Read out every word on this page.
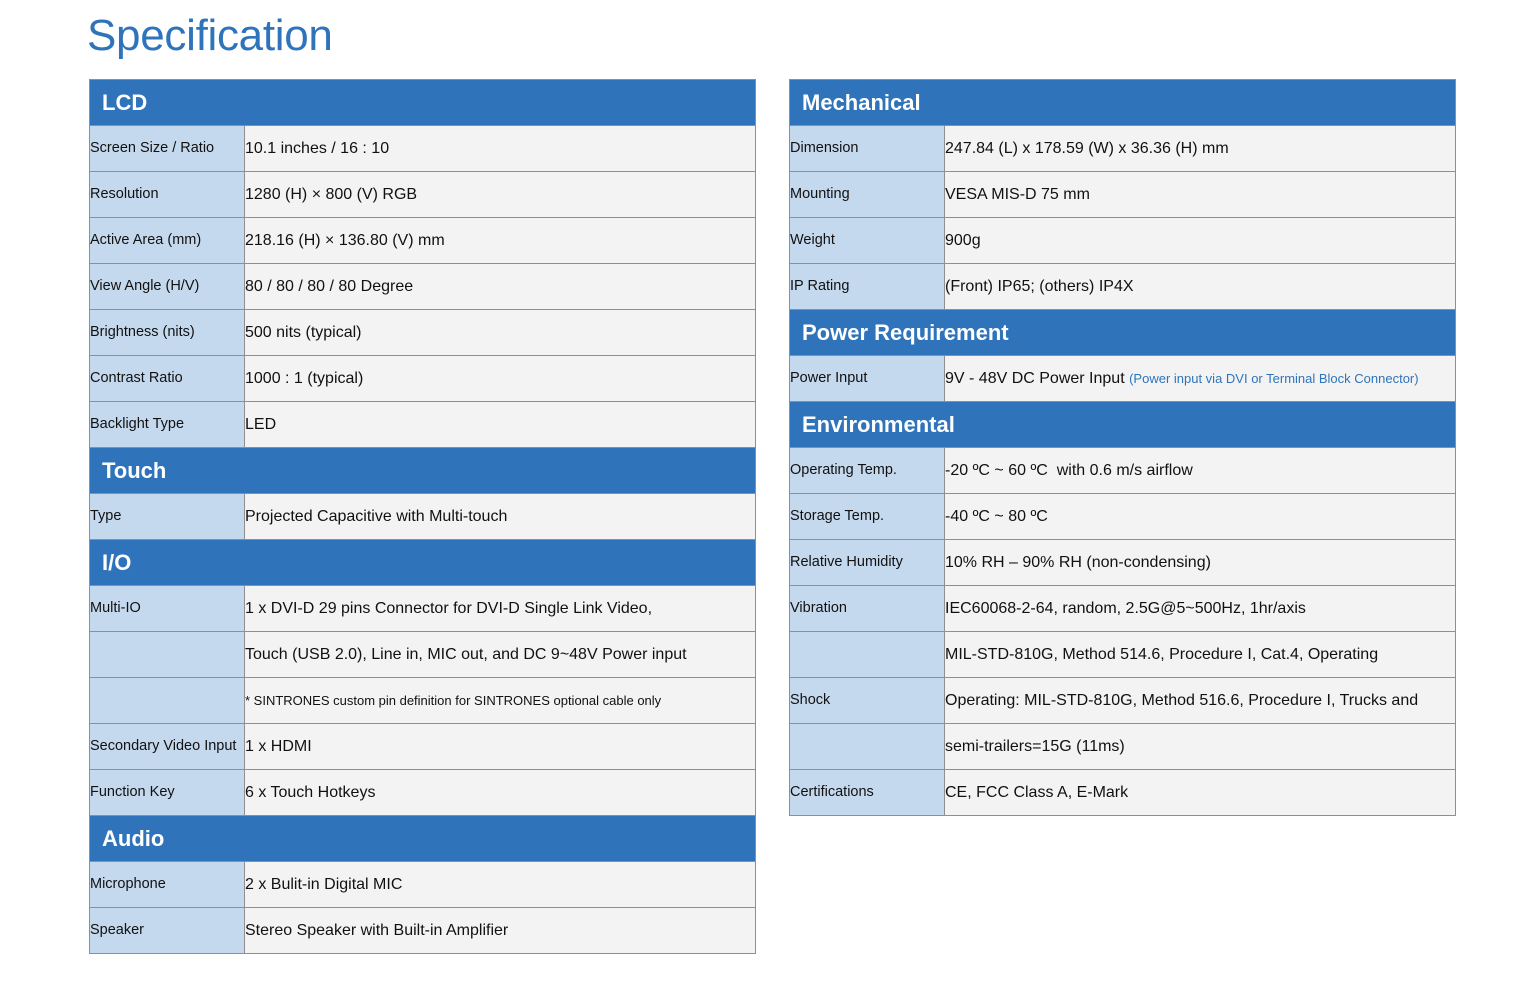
Specification
LCD	
Screen Size / Ratio	10.1 inches / 16 : 10
Resolution	1280 (H) × 800 (V) RGB
Active Area (mm)	218.16 (H) × 136.80 (V) mm
View Angle (H/V)	80 / 80 / 80 / 80 Degree
Brightness (nits)	500 nits (typical)
Contrast Ratio	1000 : 1 (typical)
Backlight Type	LED
Touch	
Type	Projected Capacitive with Multi-touch
I/O	
Multi-IO	1 x DVI-D 29 pins Connector for DVI-D Single Link Video,
	Touch (USB 2.0), Line in, MIC out, and DC 9~48V Power input
	* SINTRONES custom pin definition for SINTRONES optional cable only
Secondary Video Input	1 x HDMI
Function Key	6 x Touch Hotkeys
Audio	
Microphone	2 x Bulit-in Digital MIC
Speaker	Stereo Speaker with Built-in Amplifier
Mechanical	
Dimension	247.84 (L) x 178.59 (W) x 36.36 (H) mm
Mounting	VESA MIS-D 75 mm
Weight	900g
IP Rating	(Front) IP65; (others) IP4X
Power Requirement	
Power Input	9V - 48V DC Power Input (Power input via DVI or Terminal Block Connector)
Environmental	
Operating Temp.	-20 ºC ~ 60 ºC  with 0.6 m/s airflow
Storage Temp.	-40 ºC ~ 80 ºC
Relative Humidity	10% RH – 90% RH (non-condensing)
Vibration	IEC60068-2-64, random, 2.5G@5~500Hz, 1hr/axis
	MIL-STD-810G, Method 514.6, Procedure I, Cat.4, Operating
Shock	Operating: MIL-STD-810G, Method 516.6, Procedure I, Trucks and
	semi-trailers=15G (11ms)
Certifications	CE, FCC Class A, E-Mark
